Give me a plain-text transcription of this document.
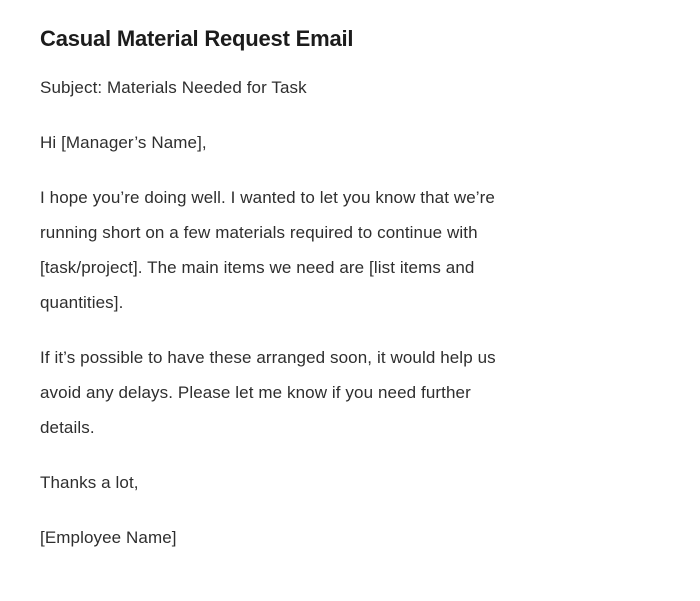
Casual Material Request Email

Subject: Materials Needed for Task

Hi [Manager’s Name],

I hope you’re doing well. I wanted to let you know that we’re
running short on a few materials required to continue with
[task/project]. The main items we need are [list items and
quantities].

If it’s possible to have these arranged soon, it would help us
avoid any delays. Please let me know if you need further
details.

Thanks a lot,

[Employee Name]
